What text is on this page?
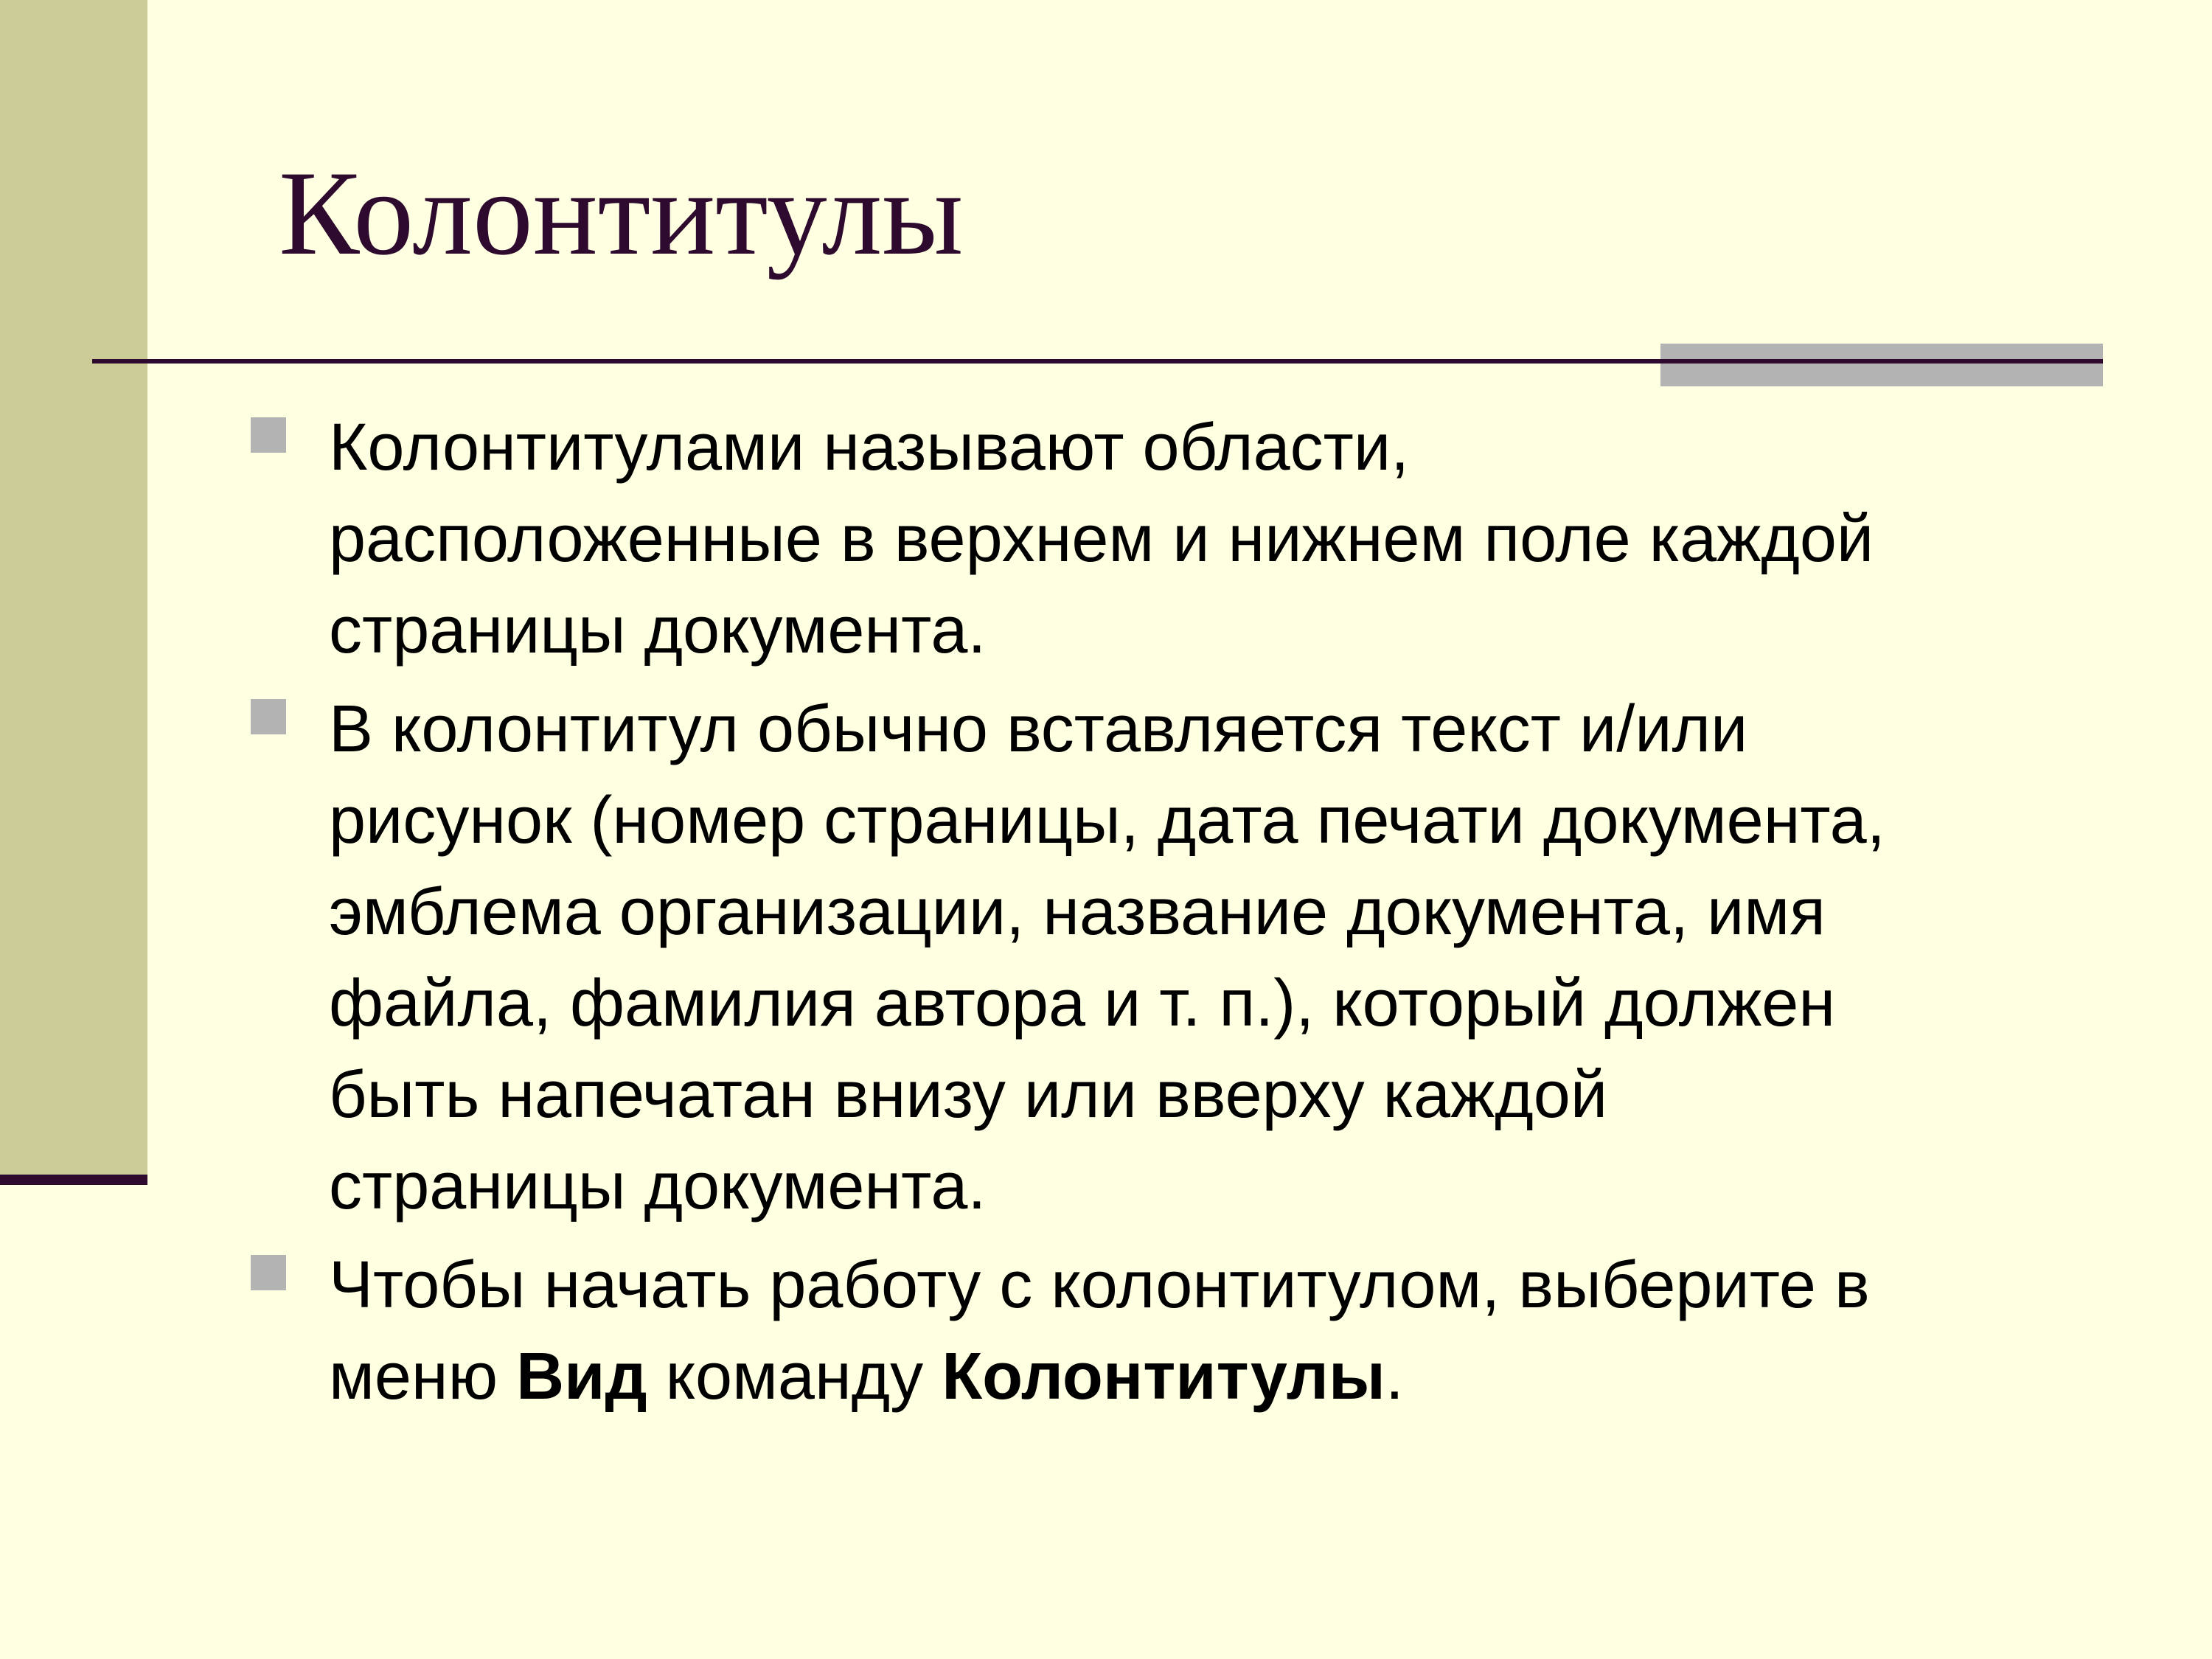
Колонтитулы
Колонтитулами называют области,
расположенные в верхнем и нижнем поле каждой
страницы документа.
В колонтитул обычно вставляется текст и/или
рисунок (номер страницы, дата печати документа,
эмблема организации, название документа, имя
файла, фамилия автора и т. п.), который должен
быть напечатан внизу или вверху каждой
страницы документа.
Чтобы начать работу с колонтитулом, выберите в
меню Вид команду Колонтитулы.
